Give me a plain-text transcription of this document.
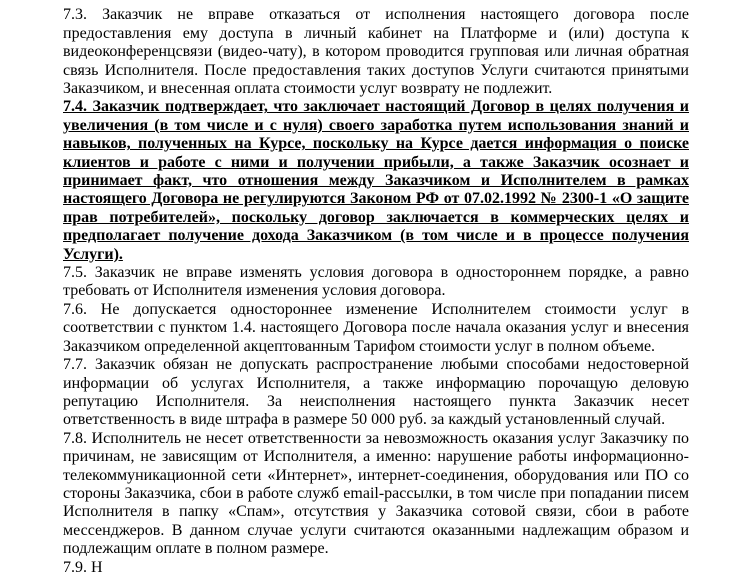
7.3. Заказчик не вправе отказаться от исполнения настоящего договора после предоставления ему доступа в личный кабинет на Платформе и (или) доступа к видеоконференцсвязи (видео-чату), в котором проводится групповая или личная обратная связь Исполнителя. После предоставления таких доступов Услуги считаются принятыми Заказчиком, и внесенная оплата стоимости услуг возврату не подлежит.

7.4. Заказчик подтверждает, что заключает настоящий Договор в целях получения и увеличения (в том числе и с нуля) своего заработка путем использования знаний и навыков, полученных на Курсе, поскольку на Курсе дается информация о поиске клиентов и работе с ними и получении прибыли, а также Заказчик осознает и принимает факт, что отношения между Заказчиком и Исполнителем в рамках настоящего Договора не регулируются Законом РФ от 07.02.1992 № 2300-1 «О защите прав потребителей», поскольку договор заключается в коммерческих целях и предполагает получение дохода Заказчиком (в том числе и в процессе получения Услуги).

7.5. Заказчик не вправе изменять условия договора в одностороннем порядке, а равно требовать от Исполнителя изменения условия договора.

7.6. Не допускается одностороннее изменение Исполнителем стоимости услуг в соответствии с пунктом 1.4. настоящего Договора после начала оказания услуг и внесения Заказчиком определенной акцептованным Тарифом стоимости услуг в полном объеме.

7.7. Заказчик обязан не допускать распространение любыми способами недостоверной информации об услугах Исполнителя, а также информацию порочащую деловую репутацию Исполнителя. За неисполнения настоящего пункта Заказчик несет ответственность в виде штрафа в размере 50 000 руб. за каждый установленный случай.

7.8. Исполнитель не несет ответственности за невозможность оказания услуг Заказчику по причинам, не зависящим от Исполнителя, а именно: нарушение работы информационно-телекоммуникационной сети «Интернет», интернет-соединения, оборудования или ПО со стороны Заказчика, сбои в работе служб email-рассылки, в том числе при попадании писем Исполнителя в папку «Спам», отсутствия у Заказчика сотовой связи, сбои в работе мессенджеров. В данном случае услуги считаются оказанными надлежащим образом и подлежащим оплате в полном размере.

7.9. Н
